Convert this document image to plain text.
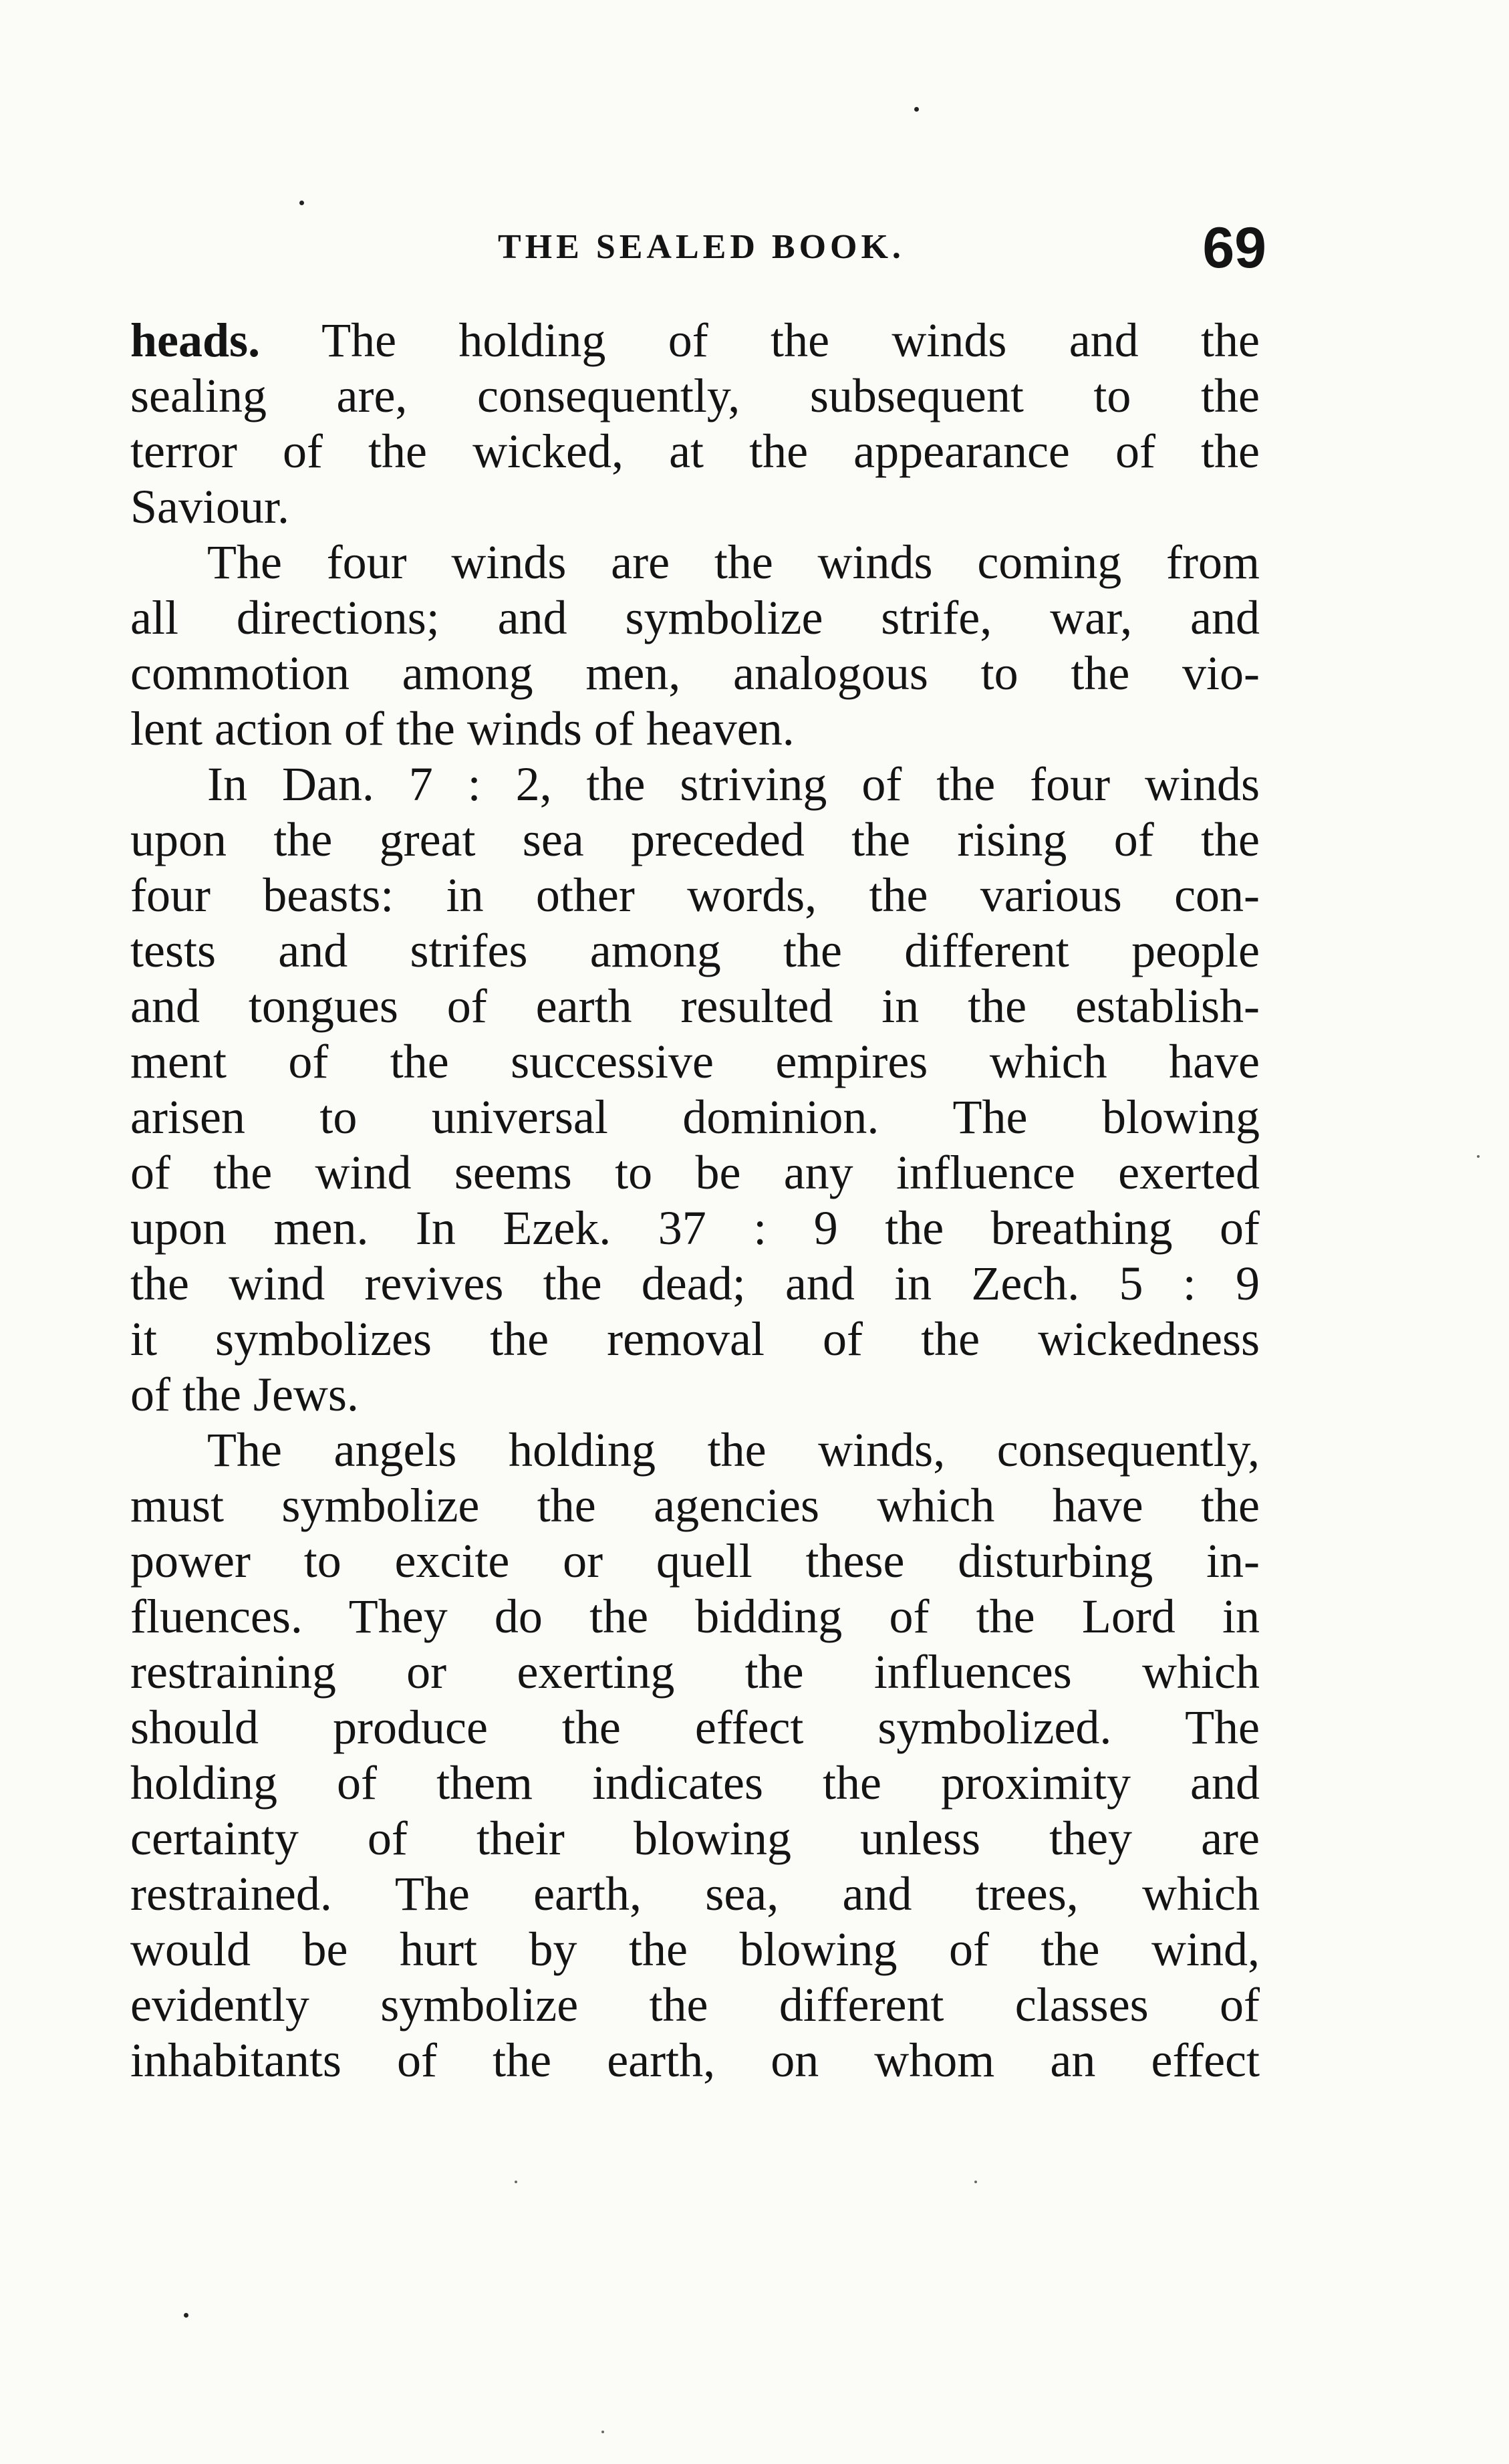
THE SEALED BOOK.	69
heads. The holding of the winds and the
sealing are, consequently, subsequent to the
terror of the wicked, at the appearance of the
Saviour.
The four winds are the winds coming from
all directions; and symbolize strife, war, and
commotion among men, analogous to the vio-
lent action of the winds of heaven.
In Dan. 7 : 2, the striving of the four winds
upon the great sea preceded the rising of the
four beasts: in other words, the various con-
tests and strifes among the different people
and tongues of earth resulted in the establish-
ment of the successive empires which have
arisen to universal dominion. The blowing
of the wind seems to be any influence exerted
upon men. In Ezek. 37 : 9 the breathing of
the wind revives the dead; and in Zech. 5 : 9
it symbolizes the removal of the wickedness
of the Jews.
The angels holding the winds, consequently,
must symbolize the agencies which have the
power to excite or quell these disturbing in-
fluences. They do the bidding of the Lord in
restraining or exerting the influences which
should produce the effect symbolized. The
holding of them indicates the proximity and
certainty of their blowing unless they are
restrained. The earth, sea, and trees, which
would be hurt by the blowing of the wind,
evidently symbolize the different classes of
inhabitants of the earth, on whom an effect
